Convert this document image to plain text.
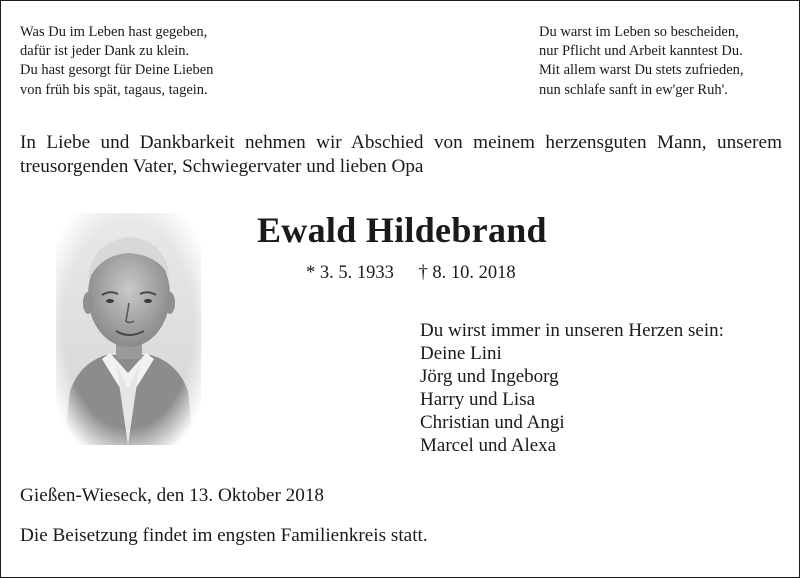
Was Du im Leben hast gegeben,
dafür ist jeder Dank zu klein.
Du hast gesorgt für Deine Lieben
von früh bis spät, tagaus, tagein.
Du warst im Leben so bescheiden,
nur Pflicht und Arbeit kanntest Du.
Mit allem warst Du stets zufrieden,
nun schlafe sanft in ew'ger Ruh'.
In Liebe und Dankbarkeit nehmen wir Abschied von meinem herzensguten Mann, unserem
treusorgenden Vater, Schwiegervater und lieben Opa
Ewald Hildebrand
* 3. 5. 1933 † 8. 10. 2018
Du wirst immer in unseren Herzen sein:
Deine Lini
Jörg und Ingeborg
Harry und Lisa
Christian und Angi
Marcel und Alexa
Gießen-Wieseck, den 13. Oktober 2018
Die Beisetzung findet im engsten Familienkreis statt.
